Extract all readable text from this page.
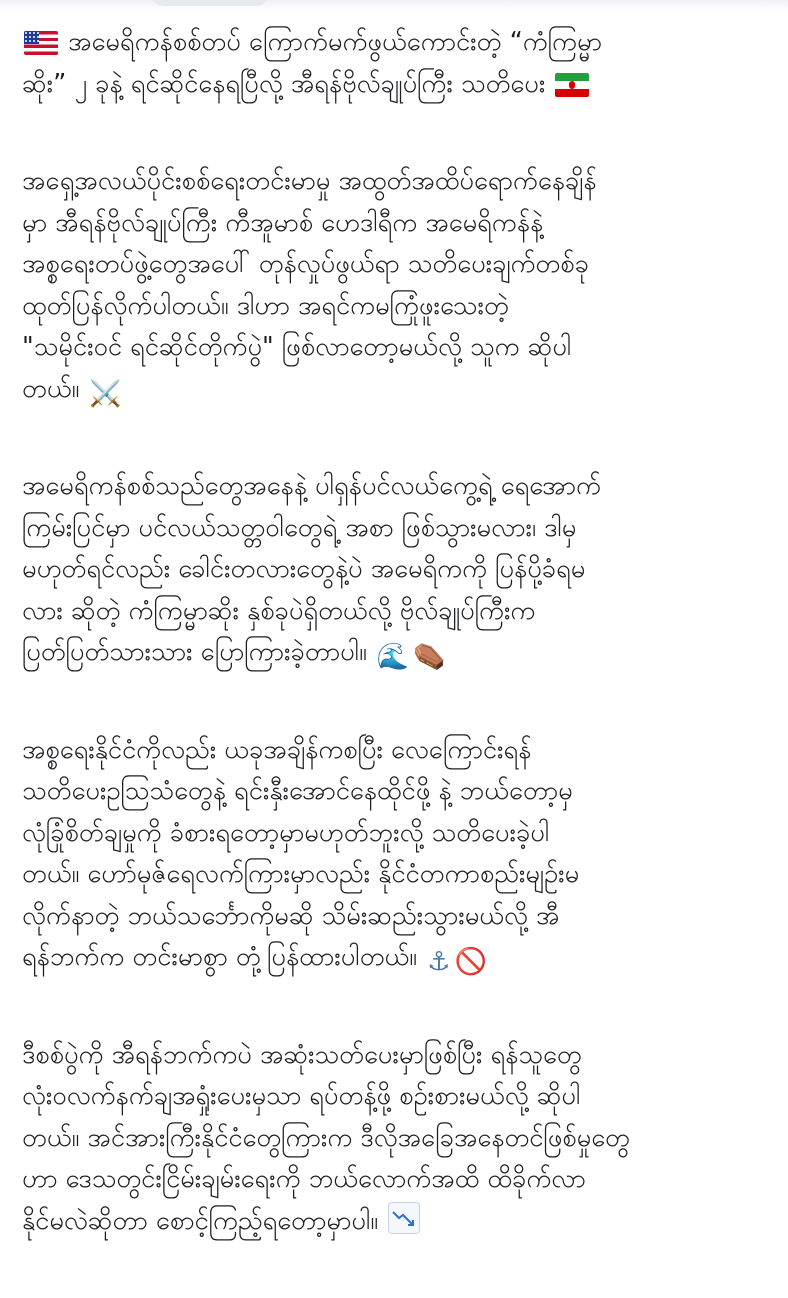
အမေရိကန်စစ်တပ် ကြောက်မက်ဖွယ်ကောင်းတဲ့ “ကံကြမ္မာ
ဆိုး” ၂ ခုနဲ့ ရင်ဆိုင်နေရပြီလို့ အီရန်ဗိုလ်ချုပ်ကြီး သတိပေး

အရှေ့အလယ်ပိုင်းစစ်ရေးတင်းမာမှု အထွတ်အထိပ်ရောက်နေချိန်
မှာ အီရန်ဗိုလ်ချုပ်ကြီး ကီအူမာစ် ဟေဒါရီက အမေရိကန်နဲ့
အစ္စရေးတပ်ဖွဲ့တွေအပေါ် တုန်လှုပ်ဖွယ်ရာ သတိပေးချက်တစ်ခု
ထုတ်ပြန်လိုက်ပါတယ်။ ဒါဟာ အရင်ကမကြုံဖူးသေးတဲ့
"သမိုင်းဝင် ရင်ဆိုင်တိုက်ပွဲ" ဖြစ်လာတော့မယ်လို့ သူက ဆိုပါ
တယ်။ ⚔️

အမေရိကန်စစ်သည်တွေအနေနဲ့ ပါရှန်ပင်လယ်ကွေ့ရဲ့ ရေအောက်
ကြမ်းပြင်မှာ ပင်လယ်သတ္တဝါတွေရဲ့ အစာ ဖြစ်သွားမလား၊ ဒါမှ
မဟုတ်ရင်လည်း ခေါင်းတလားတွေနဲ့ပဲ အမေရိကကို ပြန်ပို့ခံရမ
လား ဆိုတဲ့ ကံကြမ္မာဆိုး နှစ်ခုပဲရှိတယ်လို့ ဗိုလ်ချုပ်ကြီးက
ပြတ်ပြတ်သားသား ပြောကြားခဲ့တာပါ။ 🌊 ⚰️

အစ္စရေးနိုင်ငံကိုလည်း ယခုအချိန်ကစပြီး လေကြောင်းရန်
သတိပေးဥသြသံတွေနဲ့ ရင်းနှီးအောင်နေထိုင်ဖို့ နဲ့ ဘယ်တော့မှ
လုံခြုံစိတ်ချမှုကို ခံစားရတော့မှာမဟုတ်ဘူးလို့ သတိပေးခဲ့ပါ
တယ်။ ဟော်မုဇ်ရေလက်ကြားမှာလည်း နိုင်ငံတကာစည်းမျဉ်းမ
လိုက်နာတဲ့ ဘယ်သင်္ဘောကိုမဆို သိမ်းဆည်းသွားမယ်လို့ အီ
ရန်ဘက်က တင်းမာစွာ တုံ့ပြန်ထားပါတယ်။ ⚓ 🚫

ဒီစစ်ပွဲကို အီရန်ဘက်ကပဲ အဆုံးသတ်ပေးမှာဖြစ်ပြီး ရန်သူတွေ
လုံးဝလက်နက်ချအရှုံးပေးမှသာ ရပ်တန့်ဖို့ စဉ်းစားမယ်လို့ ဆိုပါ
တယ်။ အင်အားကြီးနိုင်ငံတွေကြားက ဒီလိုအခြေအနေတင်ဖြစ်မှုတွေ
ဟာ ဒေသတွင်းငြိမ်းချမ်းရေးကို ဘယ်လောက်အထိ ထိခိုက်လာ
နိုင်မလဲဆိုတာ စောင့်ကြည့်ရတော့မှာပါ။
